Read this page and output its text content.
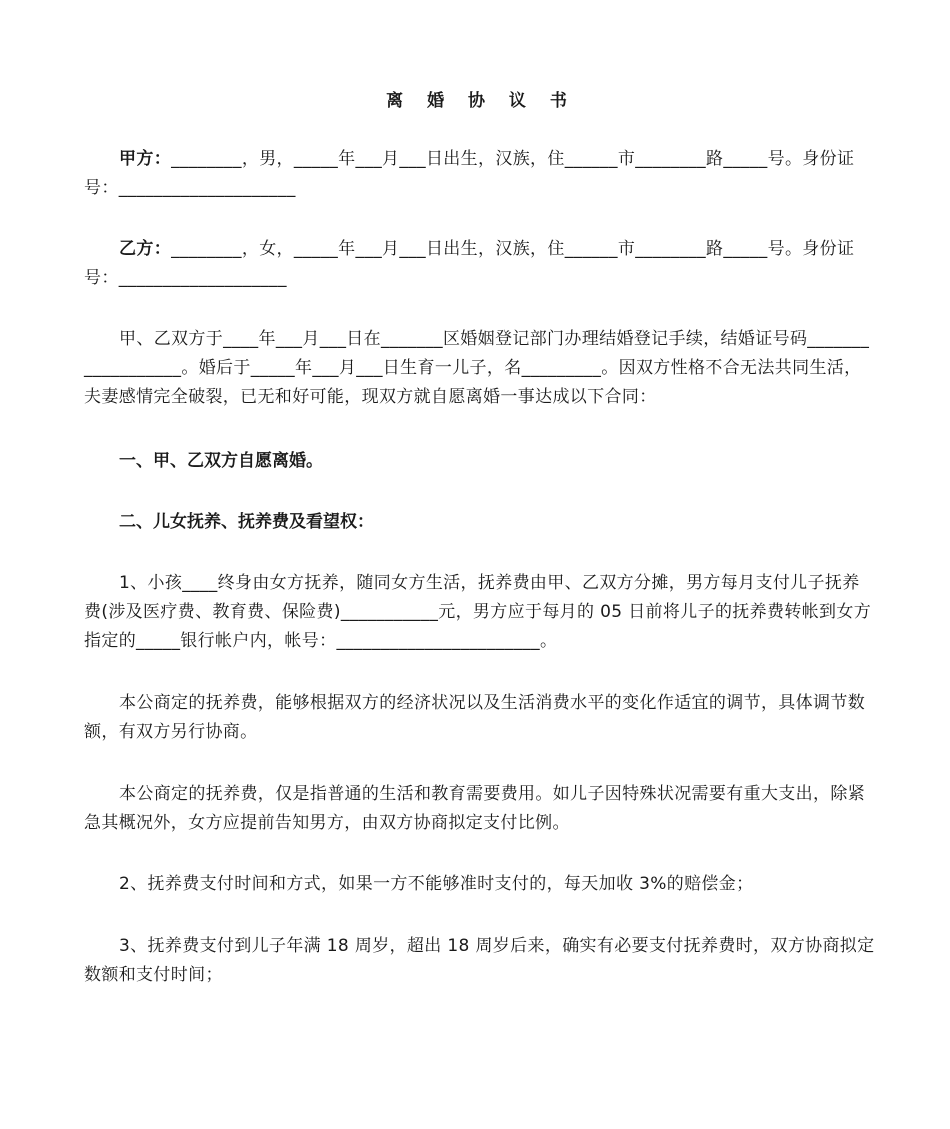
离 婚 协 议 书
甲方：________，男，_____年___月___日出生，汉族，住______市________路_____号。身份证号：____________________
乙方：________，女，_____年___月___日出生，汉族，住______市________路_____号。身份证号：___________________
甲、乙双方于____年___月___日在_______区婚姻登记部门办理结婚登记手续，结婚证号码__________________。婚后于_____年___月___日生育一儿子，名_________。因双方性格不合无法共同生活，夫妻感情完全破裂，已无和好可能，现双方就自愿离婚一事达成以下合同：
一、甲、乙双方自愿离婚。
二、儿女抚养、抚养费及看望权：
1、小孩____终身由女方抚养，随同女方生活，抚养费由甲、乙双方分摊，男方每月支付儿子抚养费(涉及医疗费、教育费、保险费)___________元，男方应于每月的 05 日前将儿子的抚养费转帐到女方指定的_____银行帐户内，帐号：_______________________。
本公商定的抚养费，能够根据双方的经济状况以及生活消费水平的变化作适宜的调节，具体调节数额，有双方另行协商。
本公商定的抚养费，仅是指普通的生活和教育需要费用。如儿子因特殊状况需要有重大支出，除紧急其概况外，女方应提前告知男方，由双方协商拟定支付比例。
2、抚养费支付时间和方式，如果一方不能够准时支付的，每天加收 3%的赔偿金；
3、抚养费支付到儿子年满 18 周岁，超出 18 周岁后来，确实有必要支付抚养费时，双方协商拟定数额和支付时间；
